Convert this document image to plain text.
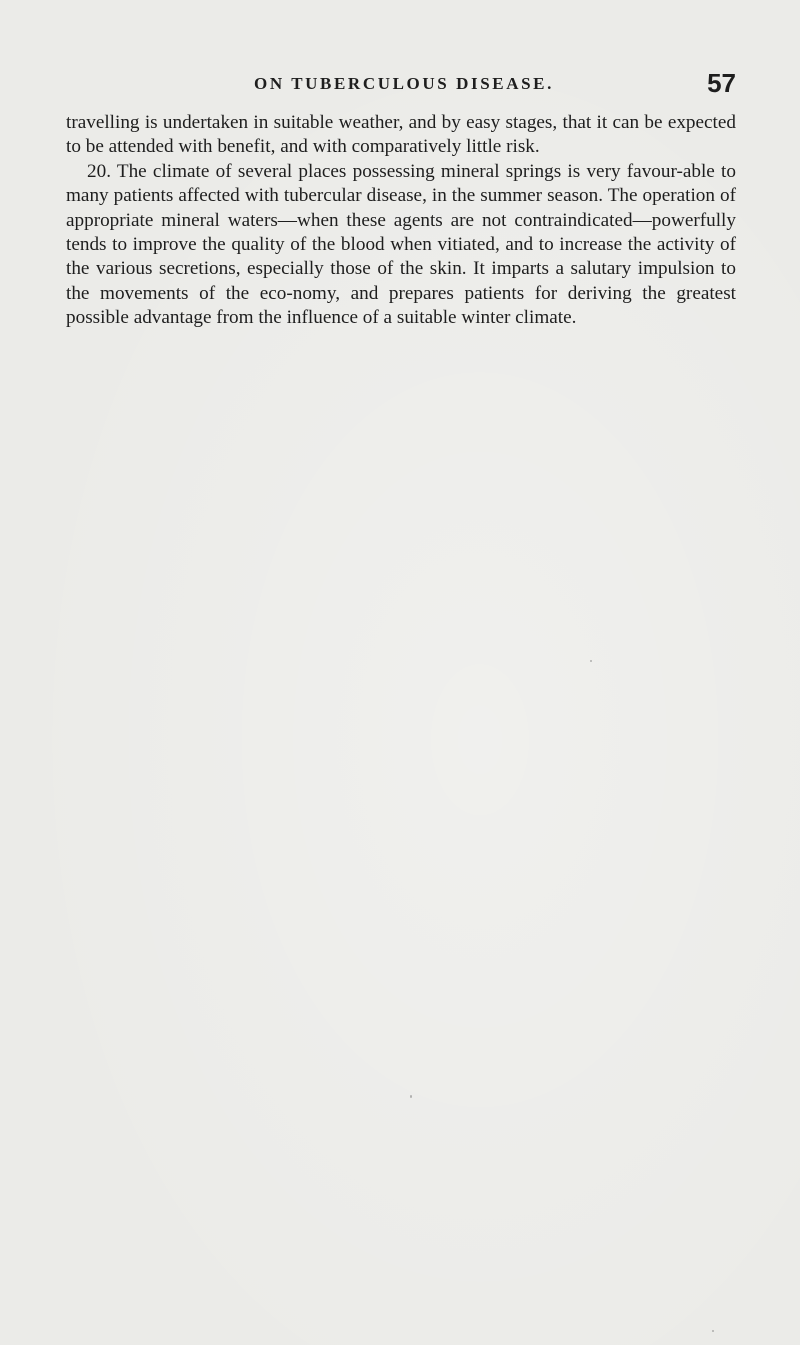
ON TUBERCULOUS DISEASE.	57

travelling is undertaken in suitable weather, and by easy stages, that it can be expected to be attended with benefit, and with comparatively little risk.

20. The climate of several places possessing mineral springs is very favour-able to many patients affected with tubercular disease, in the summer season. The operation of appropriate mineral waters—when these agents are not contraindicated—powerfully tends to improve the quality of the blood when vitiated, and to increase the activity of the various secretions, especially those of the skin. It imparts a salutary impulsion to the movements of the eco-nomy, and prepares patients for deriving the greatest possible advantage from the influence of a suitable winter climate.
